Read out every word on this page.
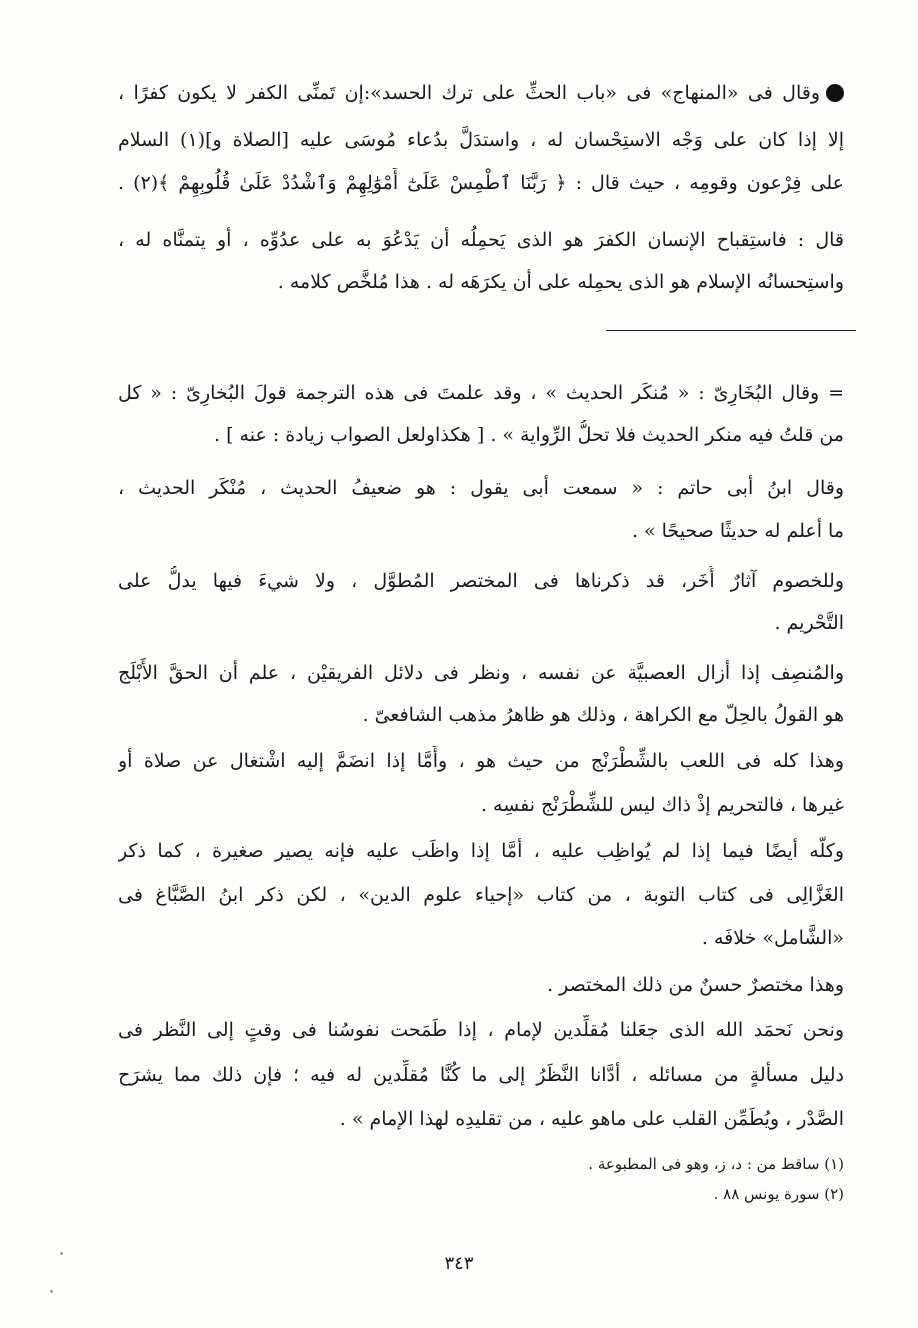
وقال فى «المنهاج» فى «باب الحثِّ على ترك الحسد»:إن تَمنِّى الكفر لا يكون كفرًا ،
إلا إذا كان على وَجْه الاستِحْسان له ، واستدَلَّ بدُعاء مُوسَى عليه [الصلاة و](١) السلام
على فِرْعون وقومِه ، حيث قال : ﴿ رَبَّنَا ٱطْمِسْ عَلَىٰٓ أَمْوَٰلِهِمْ وَٱشْدُدْ عَلَىٰ قُلُوبِهِمْ ﴾(٢) .
قال : فاستِقباح الإنسان الكفرَ هو الذى يَحمِلُه أن يَدْعُوَ به على عدُوِّه ، أو يتمنَّاه له ،
واستِحسانُه الإسلام هو الذى يحمِله على أن يكرَهَه له . هذا مُلخَّص كلامه .
= وقال البُخَارِىّ : « مُنكَر الحديث » ، وقد علمتَ فى هذه الترجمة قولَ البُخارِىّ : « كل
من قلتُ فيه منكر الحديث فلا تحلُّ الرِّواية » . [ هكذاولعل الصواب زيادة : عنه ] .
وقال ابنُ أبى حاتم : « سمعت أبى يقول : هو ضعيفُ الحديث ، مُنْكَر الحديث ،
ما أعلم له حديثًا صحيحًا » .
وللخصوم آثارٌ أُخَر، قد ذكرناها فى المختصر المُطوَّل ، ولا شيءَ فيها يدلُّ على
التَّحْريم .
والمُنصِف إذا أزال العصبيَّة عن نفسه ، ونظر فى دلائل الفريقيْن ، علم أن الحقَّ الأَبْلَج
هو القولُ بالحِلّ مع الكراهة ، وذلك هو ظاهرُ مذهب الشافعىّ .
وهذا كله فى اللعب بالشِّطْرَنْج من حيث هو ، وأَمَّا إذا انضَمَّ إليه اشْتغال عن صلاة أو
غيرها ، فالتحريم إذْ ذاك ليس للشِّطْرَنْج نفسِه .
وكلُّه أيضًا فيما إذا لم يُواظِب عليه ، أمَّا إذا واظَب عليه فإنه يصير صغيرة ، كما ذكر
الغَزَّالِى فى كتاب التوبة ، من كتاب «إحياء علوم الدين» ، لكن ذكر ابنُ الصَّبَّاغ فى
«الشَّامل» خلافَه .
وهذا مختصرٌ حسنٌ من ذلك المختصر .
ونحن نَحمَد الله الذى جعَلنا مُقلِّدين لإمام ، إذا طَمَحت نفوسُنا فى وقتٍ إلى النَّظر فى
دليل مسألةٍ من مسائله ، أدَّانا النَّظَرُ إلى ما كُنَّا مُقلِّدين له فيه ؛ فإن ذلك مما يشرَح
الصَّدْر ، ويُطَمِّن القلب على ماهو عليه ، من تقليدِه لهذا الإمام » .
(١) ساقط من : د، ز، وهو فى المطبوعة .
(٢) سورة يونس ٨٨ .
٣٤٣
